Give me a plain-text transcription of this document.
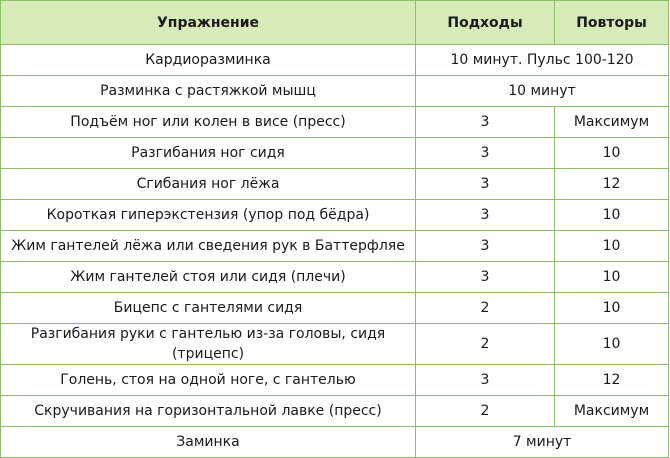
Упражнение	Подходы	Повторы
Кардиоразминка	10 минут. Пульс 100-120	
Разминка с растяжкой мышц	10 минут	
Подъём ног или колен в висе (пресс)	3	Максимум
Разгибания ног сидя	3	10
Сгибания ног лёжа	3	12
Короткая гиперэкстензия (упор под бёдра)	3	10
Жим гантелей лёжа или сведения рук в Баттерфляе	3	10
Жим гантелей стоя или сидя (плечи)	3	10
Бицепс с гантелями сидя	2	10
Разгибания руки с гантелью из-за головы, сидя (трицепс)	2	10
Голень, стоя на одной ноге, с гантелью	3	12
Скручивания на горизонтальной лавке (пресс)	2	Максимум
Заминка	7 минут	
